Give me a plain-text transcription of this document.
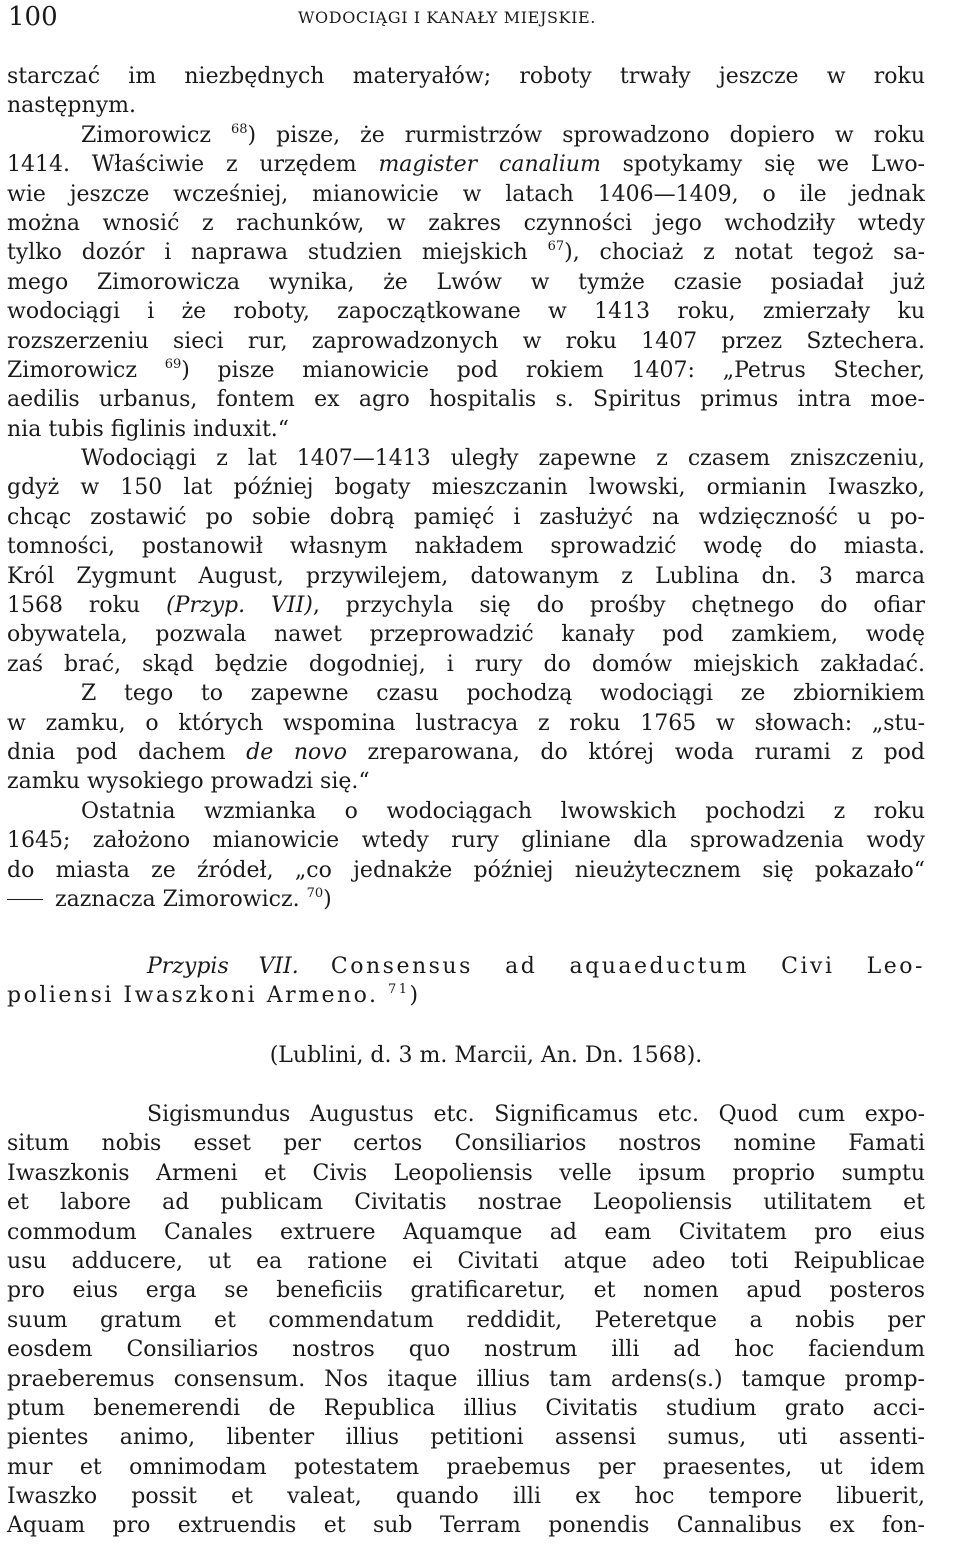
100	WODOCIĄGI I KANAŁY MIEJSKIE.
starczać im niezbędnych materyałów; roboty trwały jeszcze w roku
następnym.
Zimorowicz $^{68}$) pisze, że rurmistrzów sprowadzono dopiero w roku
1414. Właściwie z urzędem magister canalium spotykamy się we Lwo-
wie jeszcze wcześniej, mianowicie w latach 1406—1409, o ile jednak
można wnosić z rachunków, w zakres czynności jego wchodziły wtedy
tylko dozór i naprawa studzien miejskich $^{67}$), chociaż z notat tegoż sa-
mego Zimorowicza wynika, że Lwów w tymże czasie posiadał już
wodociągi i że roboty, zapoczątkowane w 1413 roku, zmierzały ku
rozszerzeniu sieci rur, zaprowadzonych w roku 1407 przez Sztechera.
Zimorowicz $^{69}$) pisze mianowicie pod rokiem 1407: „Petrus Stecher,
aedilis urbanus, fontem ex agro hospitalis s. Spiritus primus intra moe-
nia tubis figlinis induxit.“
Wodociągi z lat 1407—1413 uległy zapewne z czasem zniszczeniu,
gdyż w 150 lat później bogaty mieszczanin lwowski, ormianin Iwaszko,
chcąc zostawić po sobie dobrą pamięć i zasłużyć na wdzięczność u po-
tomności, postanowił własnym nakładem sprowadzić wodę do miasta.
Król Zygmunt August, przywilejem, datowanym z Lublina dn. 3 marca
1568 roku (Przyp. VII), przychyla się do prośby chętnego do ofiar
obywatela, pozwala nawet przeprowadzić kanały pod zamkiem, wodę
zaś brać, skąd będzie dogodniej, i rury do domów miejskich zakładać.
Z tego to zapewne czasu pochodzą wodociągi ze zbiornikiem
w zamku, o których wspomina lustracya z roku 1765 w słowach: „stu-
dnia pod dachem de novo zreparowana, do której woda rurami z pod
zamku wysokiego prowadzi się.“
Ostatnia wzmianka o wodociągach lwowskich pochodzi z roku
1645; założono mianowicie wtedy rury gliniane dla sprowadzenia wody
do miasta ze źródeł, „co jednakże później nieużytecznem się pokazało“
zaznacza Zimorowicz. $^{70}$)
Przypis VII. Consensus ad aquaeductum Civi Leo-
poliensi Iwaszkoni Armeno. $^{71}$)
(Lublini, d. 3 m. Marcii, An. Dn. 1568).
Sigismundus Augustus etc. Significamus etc. Quod cum expo-
situm nobis esset per certos Consiliarios nostros nomine Famati
Iwaszkonis Armeni et Civis Leopoliensis velle ipsum proprio sumptu
et labore ad publicam Civitatis nostrae Leopoliensis utilitatem et
commodum Canales extruere Aquamque ad eam Civitatem pro eius
usu adducere, ut ea ratione ei Civitati atque adeo toti Reipublicae
pro eius erga se beneficiis gratificaretur, et nomen apud posteros
suum gratum et commendatum reddidit, Peteretque a nobis per
eosdem Consiliarios nostros quo nostrum illi ad hoc faciendum
praeberemus consensum. Nos itaque illius tam ardens(s.) tamque promp-
ptum benemerendi de Republica illius Civitatis studium grato acci-
pientes animo, libenter illius petitioni assensi sumus, uti assenti-
mur et omnimodam potestatem praebemus per praesentes, ut idem
Iwaszko possit et valeat, quando illi ex hoc tempore libuerit,
Aquam pro extruendis et sub Terram ponendis Cannalibus ex fon-
